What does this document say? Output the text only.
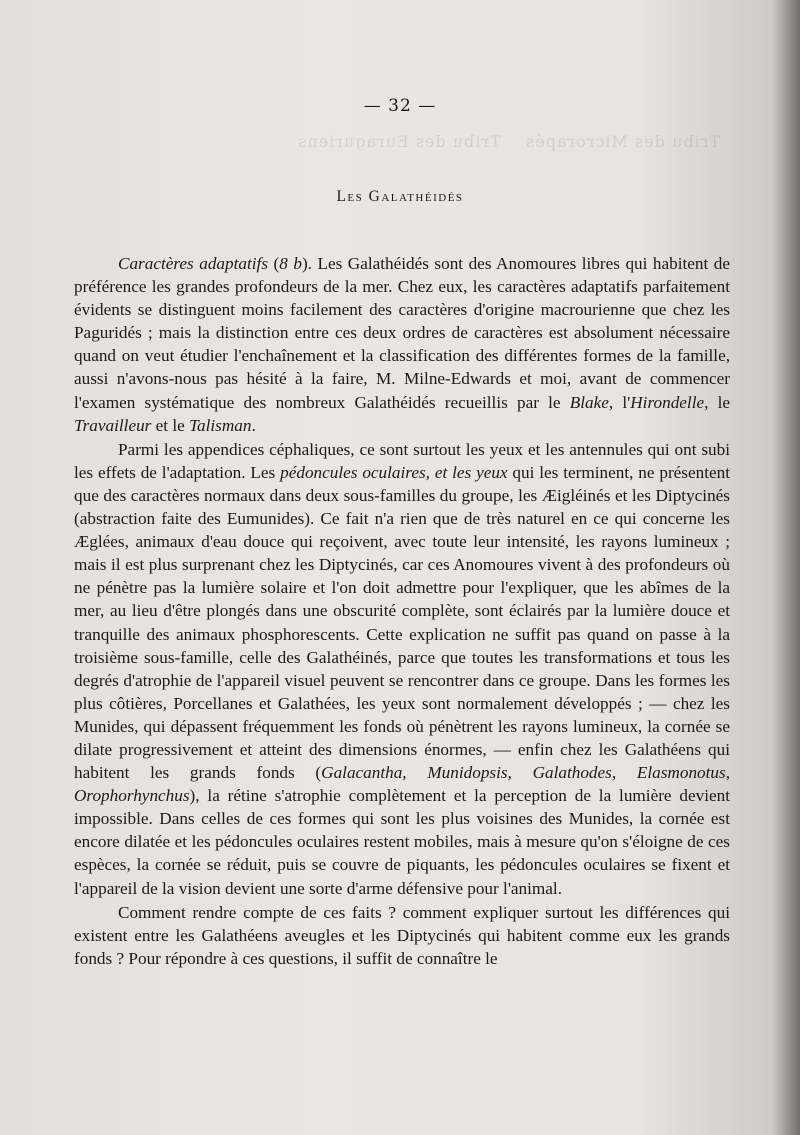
Tribu des Microrapés    Tribu des Euraguriens
— 32 —
Les Galathéidés

Caractères adaptatifs (8 b). Les Galathéidés sont des Anomoures libres qui habitent de préférence les grandes profondeurs de la mer. Chez eux, les caractères adaptatifs parfaitement évidents se distinguent moins facilement des caractères d'origine macrourienne que chez les Paguridés ; mais la distinction entre ces deux ordres de caractères est absolument nécessaire quand on veut étudier l'enchaînement et la classification des différentes formes de la famille, aussi n'avons-nous pas hésité à la faire, M. Milne-Edwards et moi, avant de commencer l'examen systématique des nombreux Galathéidés recueillis par le Blake, l'Hirondelle, le Travailleur et le Talisman.

Parmi les appendices céphaliques, ce sont surtout les yeux et les antennules qui ont subi les effets de l'adaptation. Les pédoncules oculaires, et les yeux qui les terminent, ne présentent que des caractères normaux dans deux sous-familles du groupe, les Æigléinés et les Diptycinés (abstraction faite des Eumunides). Ce fait n'a rien que de très naturel en ce qui concerne les Æglées, animaux d'eau douce qui reçoivent, avec toute leur intensité, les rayons lumineux ; mais il est plus surprenant chez les Diptycinés, car ces Anomoures vivent à des profondeurs où ne pénètre pas la lumière solaire et l'on doit admettre pour l'expliquer, que les abîmes de la mer, au lieu d'être plongés dans une obscurité complète, sont éclairés par la lumière douce et tranquille des animaux phosphorescents. Cette explication ne suffit pas quand on passe à la troisième sous-famille, celle des Galathéinés, parce que toutes les transformations et tous les degrés d'atrophie de l'appareil visuel peuvent se rencontrer dans ce groupe. Dans les formes les plus côtières, Porcellanes et Galathées, les yeux sont normalement développés ; — chez les Munides, qui dépassent fréquemment les fonds où pénètrent les rayons lumineux, la cornée se dilate progressivement et atteint des dimensions énormes, — enfin chez les Galathéens qui habitent les grands fonds (Galacantha, Munidopsis, Galathodes, Elasmonotus, Orophorhynchus), la rétine s'atrophie complètement et la perception de la lumière devient impossible. Dans celles de ces formes qui sont les plus voisines des Munides, la cornée est encore dilatée et les pédoncules oculaires restent mobiles, mais à mesure qu'on s'éloigne de ces espèces, la cornée se réduit, puis se couvre de piquants, les pédoncules oculaires se fixent et l'appareil de la vision devient une sorte d'arme défensive pour l'animal.

Comment rendre compte de ces faits ? comment expliquer surtout les différences qui existent entre les Galathéens aveugles et les Diptycinés qui habitent comme eux les grands fonds ? Pour répondre à ces questions, il suffit de connaître le
